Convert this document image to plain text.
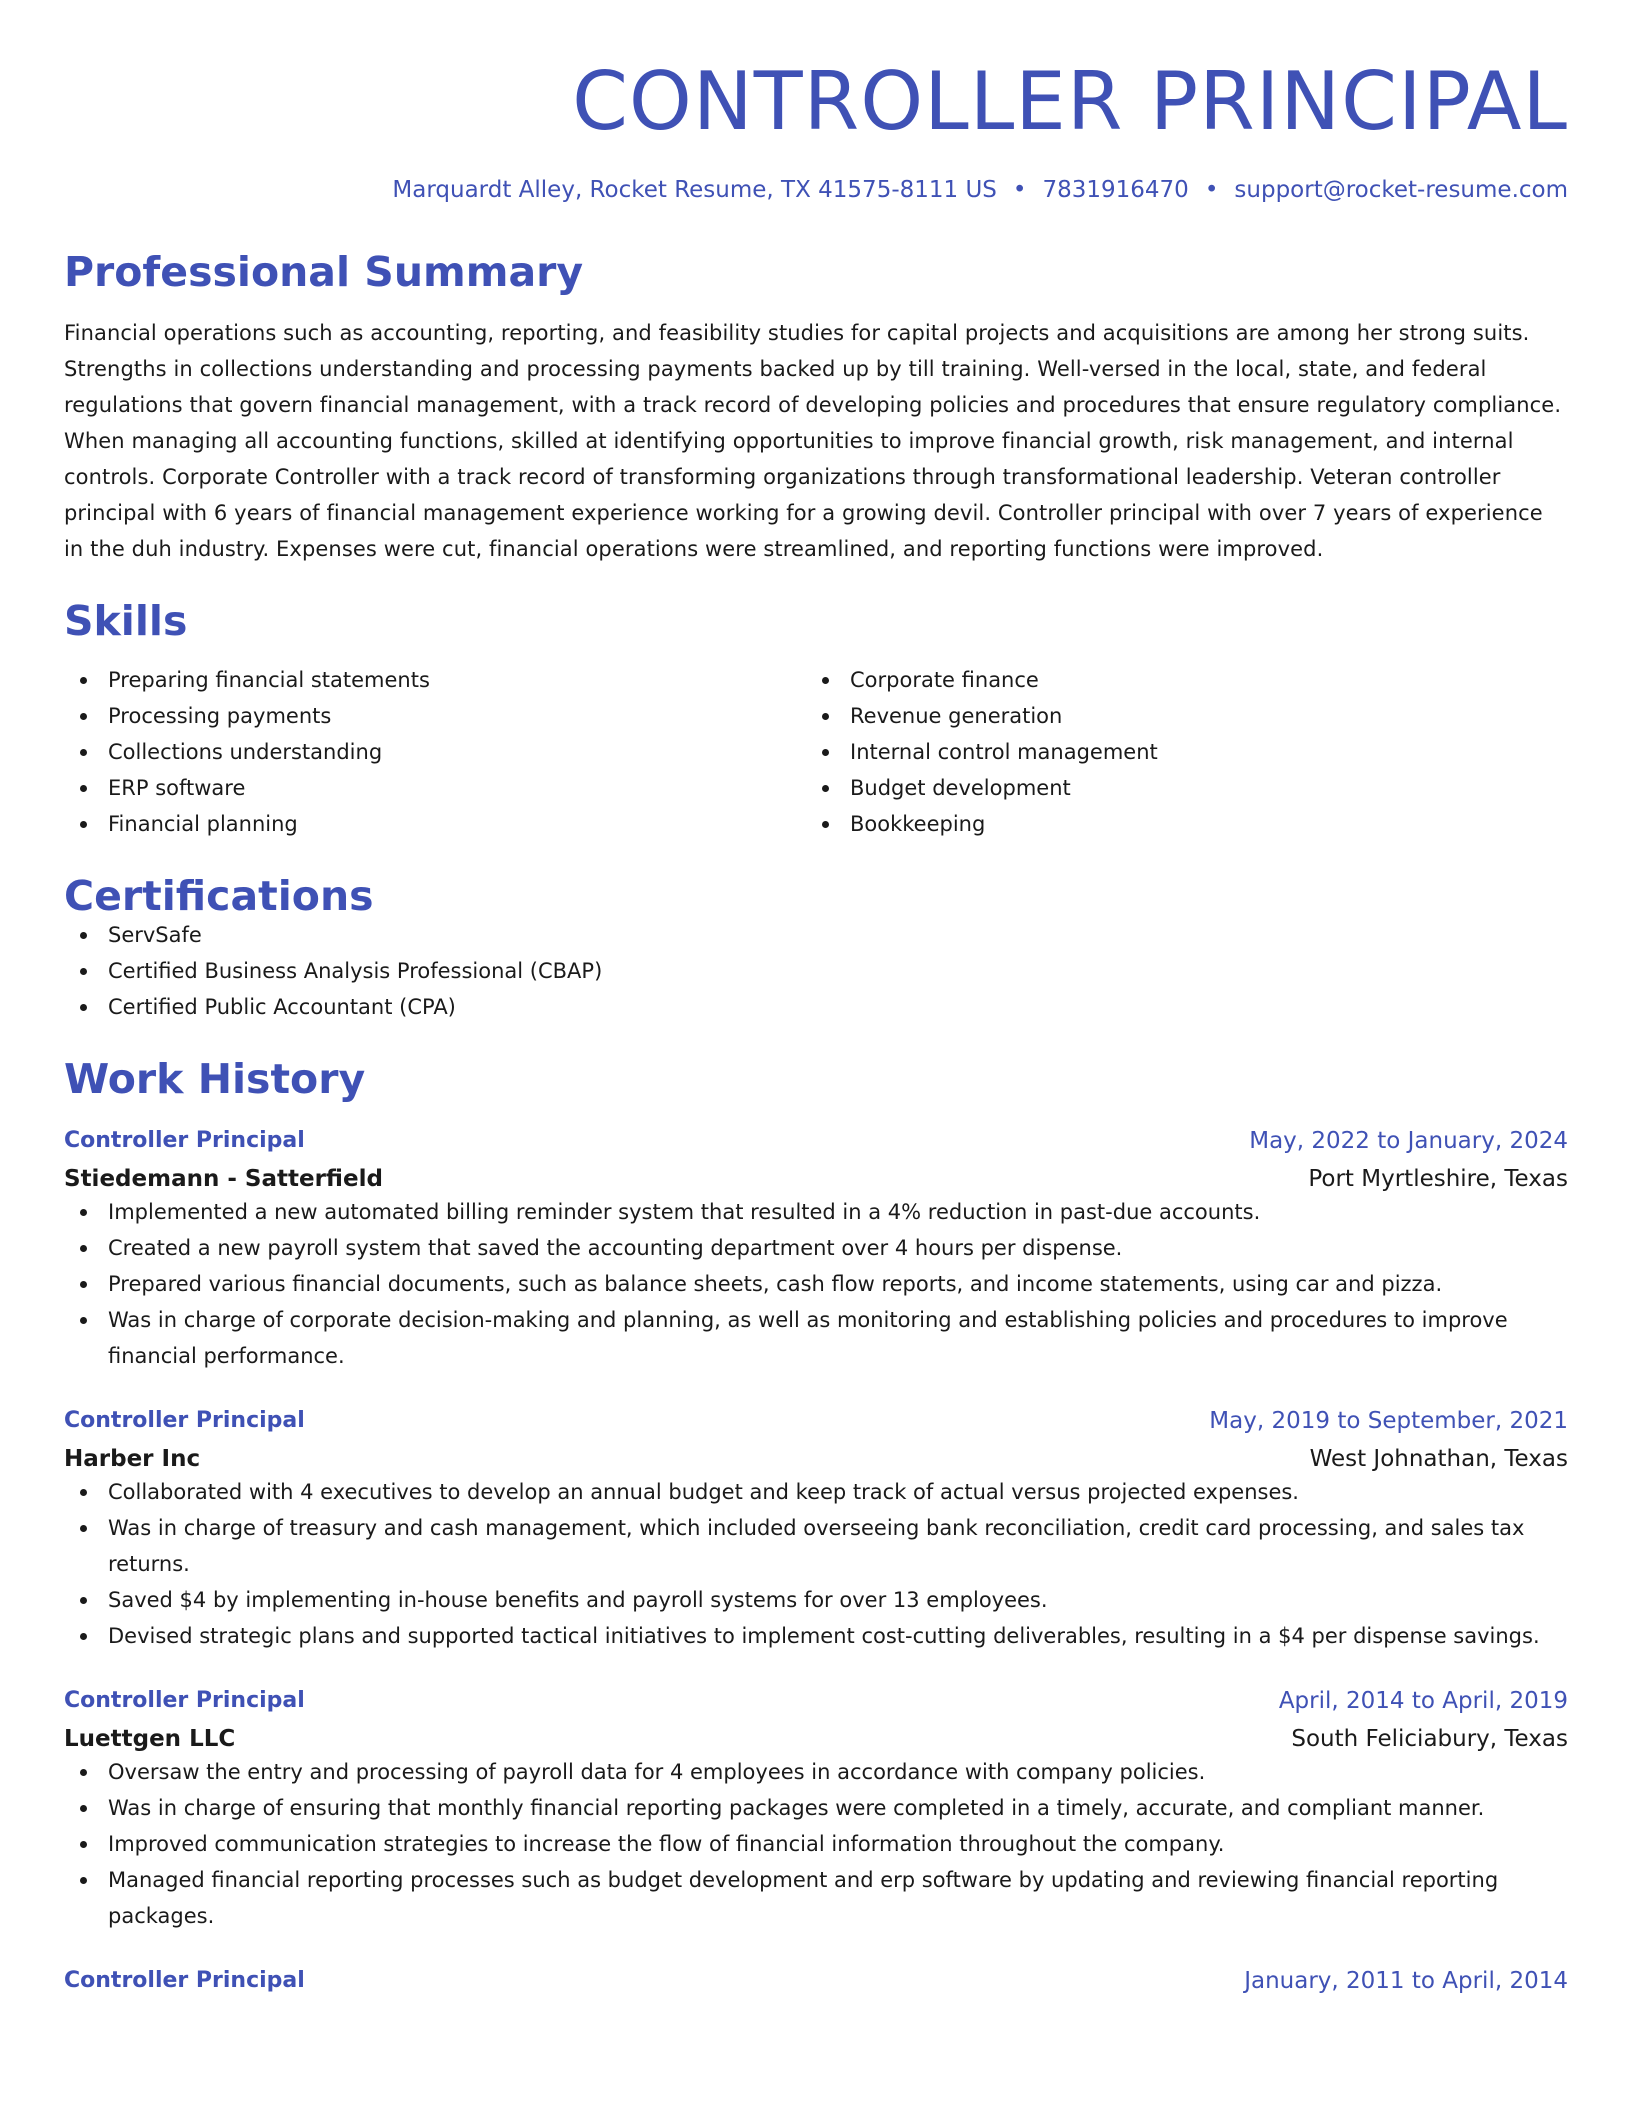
CONTROLLER PRINCIPAL
Marquardt Alley, Rocket Resume, TX 41575-8111 US • 7831916470 • support@rocket-resume.com
Professional Summary
Financial operations such as accounting, reporting, and feasibility studies for capital projects and acquisitions are among her strong suits. Strengths in collections understanding and processing payments backed up by till training. Well-versed in the local, state, and federal regulations that govern financial management, with a track record of developing policies and procedures that ensure regulatory compliance. When managing all accounting functions, skilled at identifying opportunities to improve financial growth, risk management, and internal controls. Corporate Controller with a track record of transforming organizations through transformational leadership. Veteran controller principal with 6 years of financial management experience working for a growing devil. Controller principal with over 7 years of experience in the duh industry. Expenses were cut, financial operations were streamlined, and reporting functions were improved.
Skills
Preparing financial statements
Processing payments
Collections understanding
ERP software
Financial planning
Corporate finance
Revenue generation
Internal control management
Budget development
Bookkeeping
Certifications
ServSafe
Certified Business Analysis Professional (CBAP)
Certified Public Accountant (CPA)
Work History
Controller Principal	May, 2022 to January, 2024
Stiedemann - Satterfield	Port Myrtleshire, Texas
Implemented a new automated billing reminder system that resulted in a 4% reduction in past-due accounts.
Created a new payroll system that saved the accounting department over 4 hours per dispense.
Prepared various financial documents, such as balance sheets, cash flow reports, and income statements, using car and pizza.
Was in charge of corporate decision-making and planning, as well as monitoring and establishing policies and procedures to improve financial performance.
Controller Principal	May, 2019 to September, 2021
Harber Inc	West Johnathan, Texas
Collaborated with 4 executives to develop an annual budget and keep track of actual versus projected expenses.
Was in charge of treasury and cash management, which included overseeing bank reconciliation, credit card processing, and sales tax returns.
Saved $4 by implementing in-house benefits and payroll systems for over 13 employees.
Devised strategic plans and supported tactical initiatives to implement cost-cutting deliverables, resulting in a $4 per dispense savings.
Controller Principal	April, 2014 to April, 2019
Luettgen LLC	South Feliciabury, Texas
Oversaw the entry and processing of payroll data for 4 employees in accordance with company policies.
Was in charge of ensuring that monthly financial reporting packages were completed in a timely, accurate, and compliant manner.
Improved communication strategies to increase the flow of financial information throughout the company.
Managed financial reporting processes such as budget development and erp software by updating and reviewing financial reporting packages.
Controller Principal	January, 2011 to April, 2014
